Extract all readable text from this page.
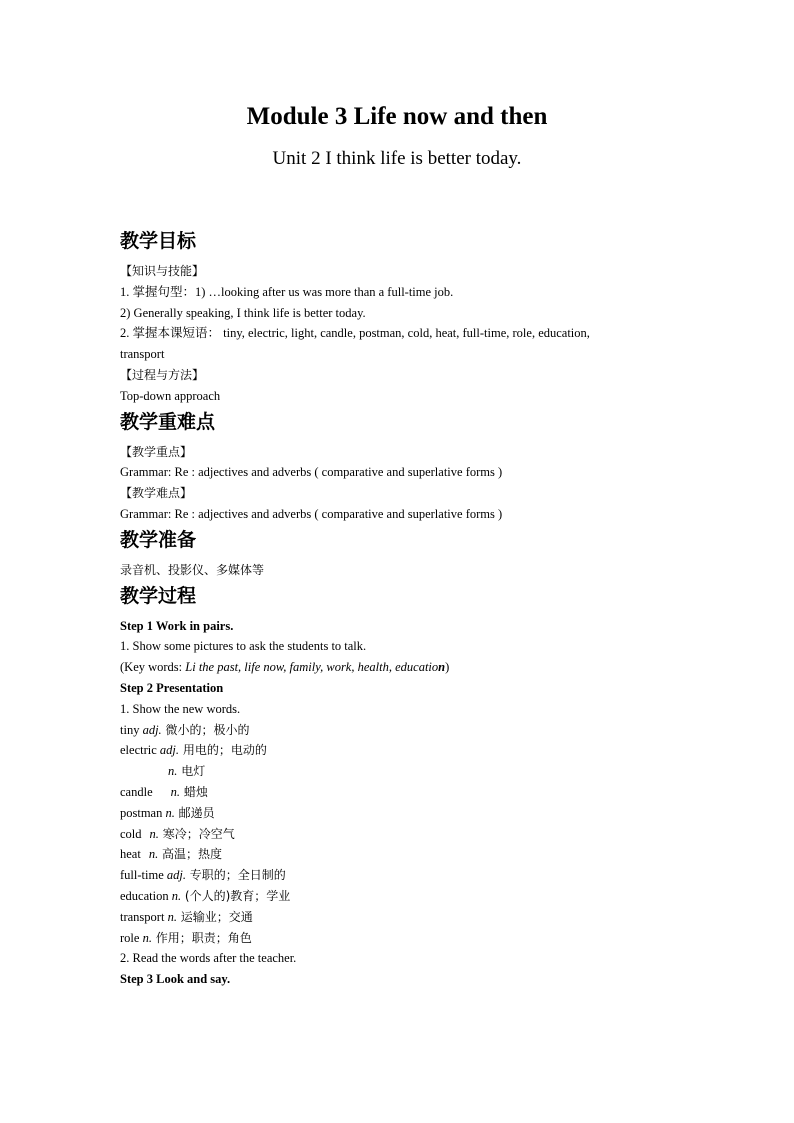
Module 3 Life now and then
Unit 2 I think life is better today.

教学目标

【知识与技能】

1. 掌握句型：1) …looking after us was more than a full-time job.

2) Generally speaking, I think life is better today.

2. 掌握本课短语： tiny, electric, light, candle, postman, cold, heat, full-time, role, education,

transport

【过程与方法】

Top-down approach

教学重难点

【教学重点】

Grammar: Re : adjectives and adverbs ( comparative and superlative forms )

【教学难点】

Grammar: Re : adjectives and adverbs ( comparative and superlative forms )

教学准备

录音机、投影仪、多媒体等

教学过程

Step 1 Work in pairs.

1. Show some pictures to ask the students to talk.

(Key words: Li the past, life now, family, work, health, education)

Step 2 Presentation

1. Show the new words.

tiny adj. 微小的；极小的

electric adj. 用电的；电动的

n. 电灯

candle n. 蜡烛

postman n. 邮递员

cold n. 寒冷；冷空气

heat n. 高温；热度

full-time adj. 专职的；全日制的

education n. (个人的)教育；学业

transport n. 运输业；交通

role n. 作用；职责；角色

2. Read the words after the teacher.

Step 3 Look and say.
